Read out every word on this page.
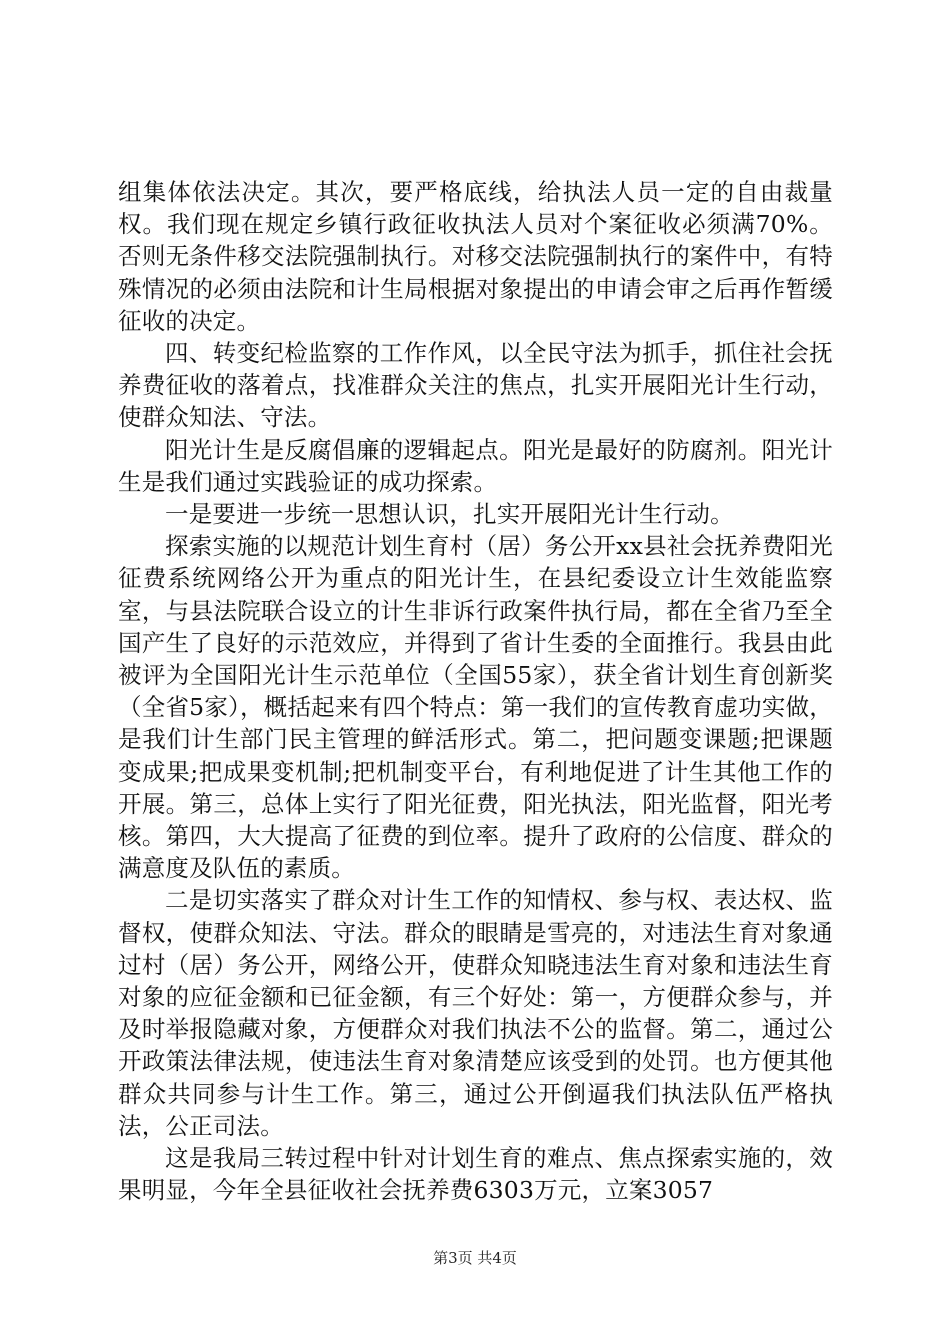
组集体依法决定。其次，要严格底线，给执法人员一定的自由裁量权。我们现在规定乡镇行政征收执法人员对个案征收必须满70%。否则无条件移交法院强制执行。对移交法院强制执行的案件中，有特殊情况的必须由法院和计生局根据对象提出的申请会审之后再作暂缓征收的决定。

四、转变纪检监察的工作作风，以全民守法为抓手，抓住社会抚养费征收的落着点，找准群众关注的焦点，扎实开展阳光计生行动，使群众知法、守法。

阳光计生是反腐倡廉的逻辑起点。阳光是最好的防腐剂。阳光计生是我们通过实践验证的成功探索。

一是要进一步统一思想认识，扎实开展阳光计生行动。

探索实施的以规范计划生育村（居）务公开xx县社会抚养费阳光征费系统网络公开为重点的阳光计生，在县纪委设立计生效能监察室，与县法院联合设立的计生非诉行政案件执行局，都在全省乃至全国产生了良好的示范效应，并得到了省计生委的全面推行。我县由此被评为全国阳光计生示范单位（全国55家），获全省计划生育创新奖（全省5家），概括起来有四个特点：第一我们的宣传教育虚功实做，是我们计生部门民主管理的鲜活形式。第二，把问题变课题;把课题变成果;把成果变机制;把机制变平台，有利地促进了计生其他工作的开展。第三，总体上实行了阳光征费，阳光执法，阳光监督，阳光考核。第四，大大提高了征费的到位率。提升了政府的公信度、群众的满意度及队伍的素质。

二是切实落实了群众对计生工作的知情权、参与权、表达权、监督权，使群众知法、守法。群众的眼睛是雪亮的，对违法生育对象通过村（居）务公开，网络公开，使群众知晓违法生育对象和违法生育对象的应征金额和已征金额，有三个好处：第一，方便群众参与，并及时举报隐藏对象，方便群众对我们执法不公的监督。第二，通过公开政策法律法规，使违法生育对象清楚应该受到的处罚。也方便其他群众共同参与计生工作。第三，通过公开倒逼我们执法队伍严格执法，公正司法。

这是我局三转过程中针对计划生育的难点、焦点探索实施的，效果明显，今年全县征收社会抚养费6303万元，立案3057

第3页 共4页
